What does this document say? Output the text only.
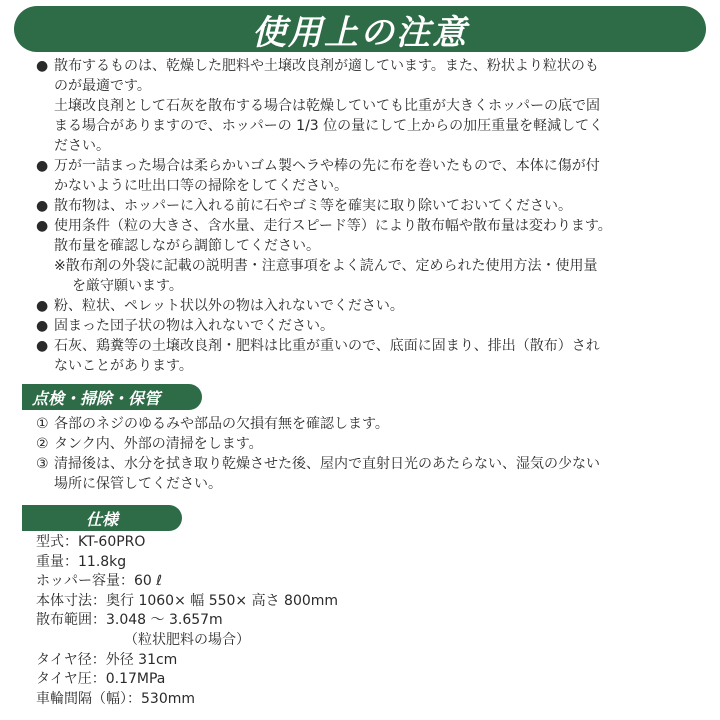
使用上の注意
● 散布するものは、乾燥した肥料や土壌改良剤が適しています。また、粉状より粒状のも
のが最適です。
土壌改良剤として石灰を散布する場合は乾燥していても比重が大きくホッパーの底で固
まる場合がありますので、ホッパーの 1/3 位の量にして上からの加圧重量を軽減してく
ださい。
● 万が一詰まった場合は柔らかいゴム製ヘラや棒の先に布を巻いたもので、本体に傷が付
かないように吐出口等の掃除をしてください。
● 散布物は、ホッパーに入れる前に石やゴミ等を確実に取り除いておいてください。
● 使用条件（粒の大きさ、含水量、走行スピード等）により散布幅や散布量は変わります。
散布量を確認しながら調節してください。
※散布剤の外袋に記載の説明書・注意事項をよく読んで、定められた使用方法・使用量
を厳守願います。
● 粉、粒状、ペレット状以外の物は入れないでください。
● 固まった団子状の物は入れないでください。
● 石灰、鶏糞等の土壌改良剤・肥料は比重が重いので、底面に固まり、排出（散布）され
ないことがあります。
点検・掃除・保管
① 各部のネジのゆるみや部品の欠損有無を確認します。
② タンク内、外部の清掃をします。
③ 清掃後は、水分を拭き取り乾燥させた後、屋内で直射日光のあたらない、湿気の少ない
場所に保管してください。
仕様
型式：KT-60PRO
重量：11.8kg
ホッパー容量：60 ℓ
本体寸法：奥行 1060× 幅 550× 高さ 800mm
散布範囲：3.048 〜 3.657m
（粒状肥料の場合）
タイヤ径：外径 31cm
タイヤ圧：0.17MPa
車輪間隔（幅）：530mm
